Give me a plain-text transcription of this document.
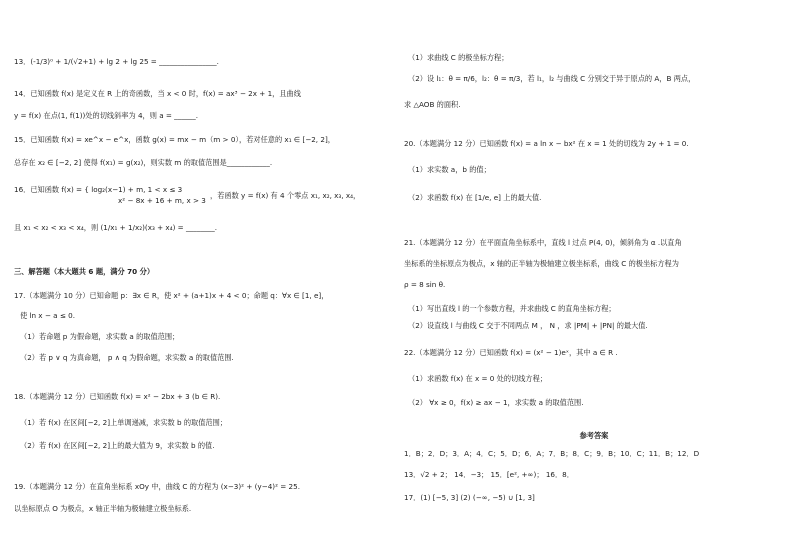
13．(-1/3)⁰ + 1/(√2+1) + lg 2 + lg 25 = ________________.
14．已知函数 f(x) 是定义在 R 上的奇函数，当 x < 0 时，f(x) = ax³ − 2x + 1，且曲线
y = f(x) 在点(1, f(1))处的切线斜率为 4，则 a = ______.
15．已知函数 f(x) = xe^x − e^x，函数 g(x) = mx − m（m > 0），若对任意的 x₁ ∈ [−2, 2]，
总存在 x₂ ∈ [−2, 2] 使得 f(x₁) = g(x₂)，则实数 m 的取值范围是____________.
16．已知函数 f(x) = { log₂(x−1) + m, 1 < x ≤ 3
x² − 8x + 16 + m, x > 3
，若函数 y = f(x) 有 4 个零点 x₁, x₂, x₃, x₄，
且 x₁ < x₂ < x₃ < x₄，则 (1/x₁ + 1/x₂)(x₃ + x₄) = ________.
三、解答题（本大题共 6 题，满分 70 分）
17.（本题满分 10 分）已知命题 p：∃x ∈ R，使 x² + (a+1)x + 4 < 0；命题 q：∀x ∈ [1, e]，
使 ln x − a ≤ 0.
（1）若命题 p 为假命题，求实数 a 的取值范围；
（2）若 p ∨ q 为真命题， p ∧ q 为假命题，求实数 a 的取值范围.
18.（本题满分 12 分）已知函数 f(x) = x² − 2bx + 3 (b ∈ R).
（1）若 f(x) 在区间[−2, 2]上单调递减，求实数 b 的取值范围；
（2）若 f(x) 在区间[−2, 2]上的最大值为 9，求实数 b 的值.
19.（本题满分 12 分）在直角坐标系 xOy 中，曲线 C 的方程为 (x−3)² + (y−4)² = 25.
以坐标原点 O 为极点，x 轴正半轴为极轴建立极坐标系.
（1）求曲线 C 的极坐标方程；
（2）设 l₁：θ = π/6，l₂：θ = π/3，若 l₁，l₂ 与曲线 C 分别交于异于原点的 A，B 两点，
求 △AOB 的面积.
20.（本题满分 12 分）已知函数 f(x) = a ln x − bx² 在 x = 1 处的切线为 2y + 1 = 0.
（1）求实数 a，b 的值；
（2）求函数 f(x) 在 [1/e, e] 上的最大值.
21.（本题满分 12 分）在平面直角坐标系中，直线 l 过点 P(4, 0)，倾斜角为 α .以直角
坐标系的坐标原点为极点，x 轴的正半轴为极轴建立极坐标系，曲线 C 的极坐标方程为
ρ = 8 sin θ.
（1）写出直线 l 的一个参数方程，并求曲线 C 的直角坐标方程；
（2）设直线 l 与曲线 C 交于不同两点 M ， N ，求 |PM| + |PN| 的最大值.
22.（本题满分 12 分）已知函数 f(x) = (x² − 1)eˣ，其中 a ∈ R .
（1）求函数 f(x) 在 x = 0 处的切线方程；
（2） ∀x ≥ 0，f(x) ≥ ax − 1，求实数 a 的取值范围.
参考答案
1．B；2．D；3．A；4．C；5．D；6．A；7．B；8．C；9．B；10．C；11．B；12．D
13．√2 + 2； 14．−3； 15．[e², +∞)； 16．8．
17．(1) [−5, 3] (2) (−∞, −5) ∪ [1, 3]
